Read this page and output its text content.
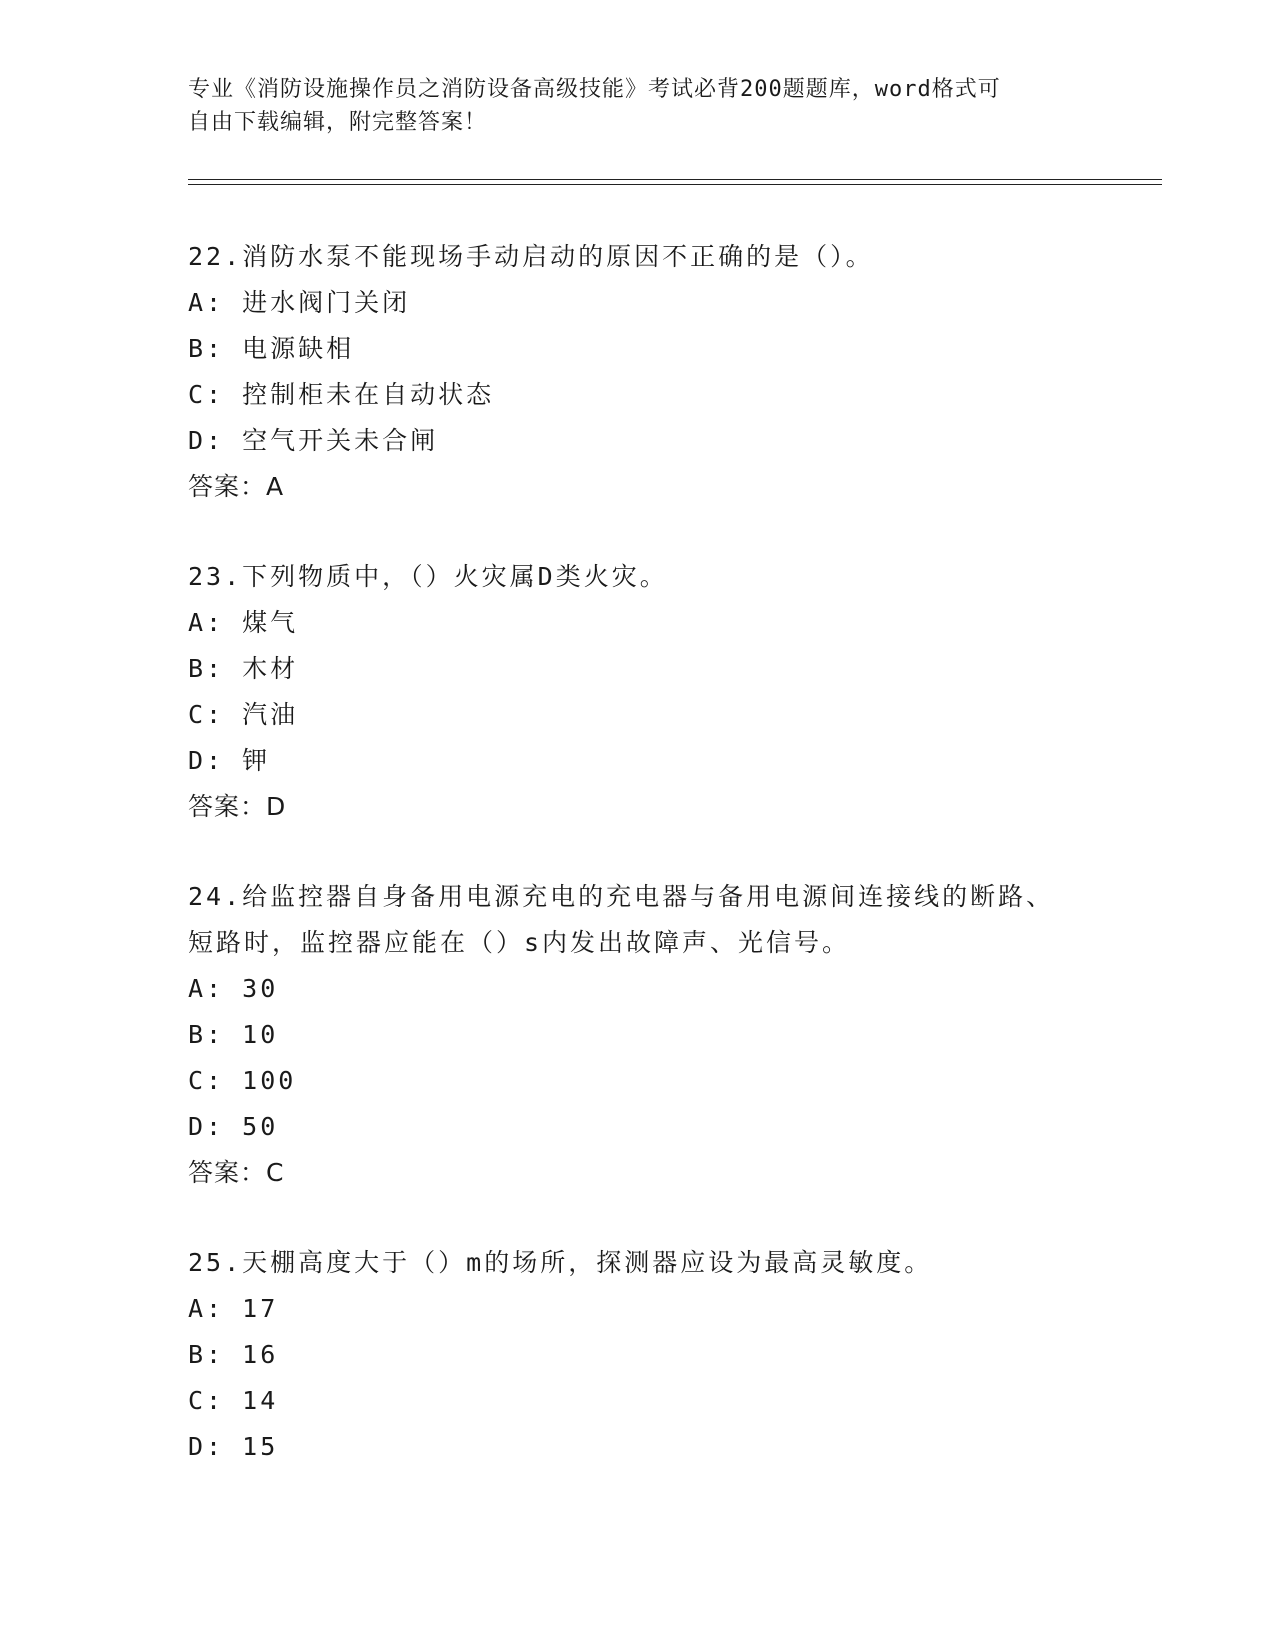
专业《消防设施操作员之消防设备高级技能》考试必背200题题库，word格式可
自由下载编辑，附完整答案！
22.消防水泵不能现场手动启动的原因不正确的是（）。
A: 进水阀门关闭
B: 电源缺相
C: 控制柜未在自动状态
D: 空气开关未合闸
答案：A
23.下列物质中，（）火灾属D类火灾。
A: 煤气
B: 木材
C: 汽油
D: 钾
答案：D
24.给监控器自身备用电源充电的充电器与备用电源间连接线的断路、
短路时，监控器应能在（）s内发出故障声、光信号。
A: 30
B: 10
C: 100
D: 50
答案：C
25.天棚高度大于（）m的场所，探测器应设为最高灵敏度。
A: 17
B: 16
C: 14
D: 15
